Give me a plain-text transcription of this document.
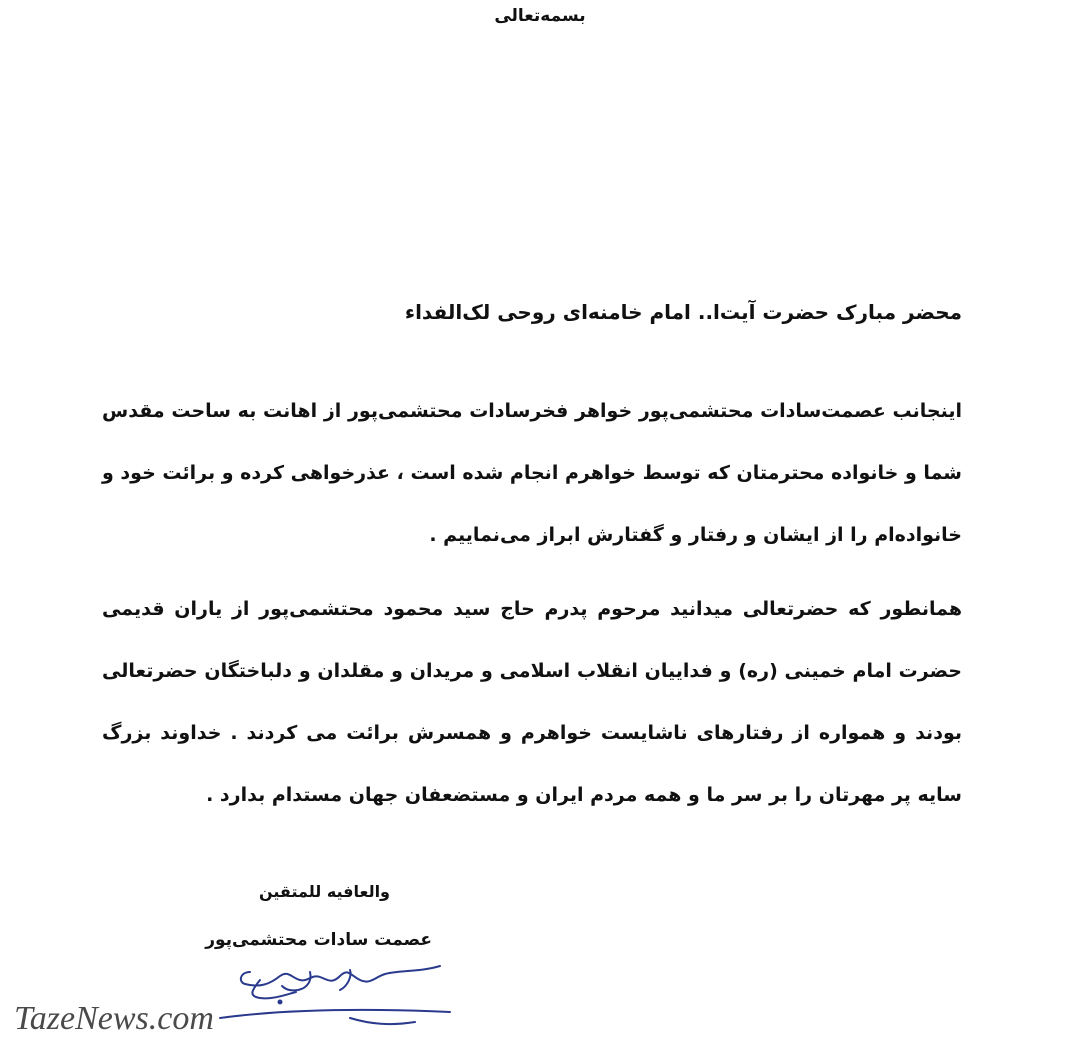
بسمه‌تعالی
محضر مبارک حضرت آیت‌ا.. امام خامنه‌ای روحی لک‌الفداء
اینجانب عصمت‌سادات محتشمی‌پور خواهر فخرسادات محتشمی‌پور از اهانت به ساحت مقدس شما و خانواده محترمتان که توسط خواهرم انجام شده است ، عذرخواهی کرده و برائت خود و خانواده‌ام را از ایشان و رفتار و گفتارش ابراز می‌نماییم .
همانطور که حضرتعالی میدانید مرحوم پدرم حاج سید محمود محتشمی‌پور از یاران قدیمی حضرت امام خمینی (ره) و فداییان انقلاب اسلامی و مریدان و مقلدان و دلباختگان حضرتعالی بودند و همواره از رفتارهای ناشایست خواهرم و همسرش برائت می کردند . خداوند بزرگ سایه پر مهرتان را بر سر ما و همه مردم ایران و مستضعفان جهان مستدام بدارد .
والعافیه للمتقین
عصمت سادات محتشمی‌پور
TazeNews.com
